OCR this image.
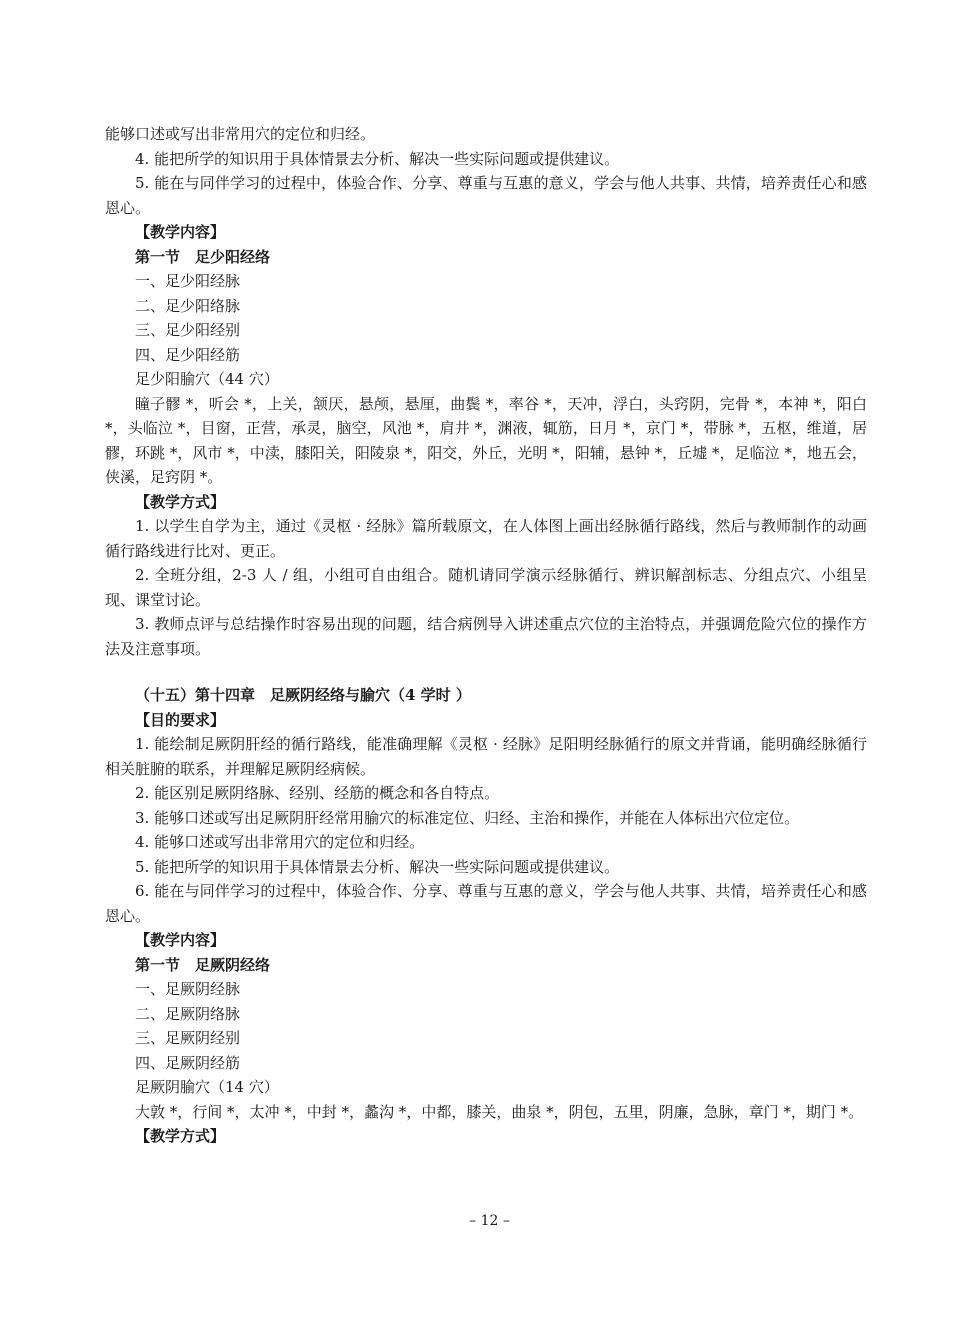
能够口述或写出非常用穴的定位和归经。

4. 能把所学的知识用于具体情景去分析、解决一些实际问题或提供建议。

5. 能在与同伴学习的过程中，体验合作、分享、尊重与互惠的意义，学会与他人共事、共情，培养责任心和感恩心。

【教学内容】

第一节　足少阳经络

一、足少阳经脉

二、足少阳络脉

三、足少阳经别

四、足少阳经筋

足少阳腧穴（44 穴）

瞳子髎 *，听会 *，上关，颔厌，悬颅，悬厘，曲鬓 *，率谷 *，天冲，浮白，头窍阴，完骨 *，本神 *，阳白 *，头临泣 *，目窗，正营，承灵，脑空，风池 *，肩井 *，渊液，辄筋，日月 *，京门 *，带脉 *，五枢，维道，居髎，环跳 *，风市 *，中渎，膝阳关，阳陵泉 *，阳交，外丘，光明 *，阳辅，悬钟 *，丘墟 *，足临泣 *，地五会，侠溪，足窍阴 *。

【教学方式】

1. 以学生自学为主，通过《灵枢 · 经脉》篇所载原文，在人体图上画出经脉循行路线，然后与教师制作的动画循行路线进行比对、更正。

2. 全班分组，2-3 人 / 组，小组可自由组合。随机请同学演示经脉循行、辨识解剖标志、分组点穴、小组呈现、课堂讨论。

3. 教师点评与总结操作时容易出现的问题，结合病例导入讲述重点穴位的主治特点，并强调危险穴位的操作方法及注意事项。

（十五）第十四章　足厥阴经络与腧穴（4 学时 ）

【目的要求】

1. 能绘制足厥阴肝经的循行路线，能准确理解《灵枢 · 经脉》足阳明经脉循行的原文并背诵，能明确经脉循行相关脏腑的联系，并理解足厥阴经病候。

2. 能区别足厥阴络脉、经别、经筋的概念和各自特点。

3. 能够口述或写出足厥阴肝经常用腧穴的标准定位、归经、主治和操作，并能在人体标出穴位定位。

4. 能够口述或写出非常用穴的定位和归经。

5. 能把所学的知识用于具体情景去分析、解决一些实际问题或提供建议。

6. 能在与同伴学习的过程中，体验合作、分享、尊重与互惠的意义，学会与他人共事、共情，培养责任心和感恩心。

【教学内容】

第一节　足厥阴经络

一、足厥阴经脉

二、足厥阴络脉

三、足厥阴经别

四、足厥阴经筋

足厥阴腧穴（14 穴）

大敦 *，行间 *，太冲 *，中封 *，蠡沟 *，中都，膝关，曲泉 *，阴包，五里，阴廉，急脉，章门 *，期门 *。

【教学方式】

– 12 –
